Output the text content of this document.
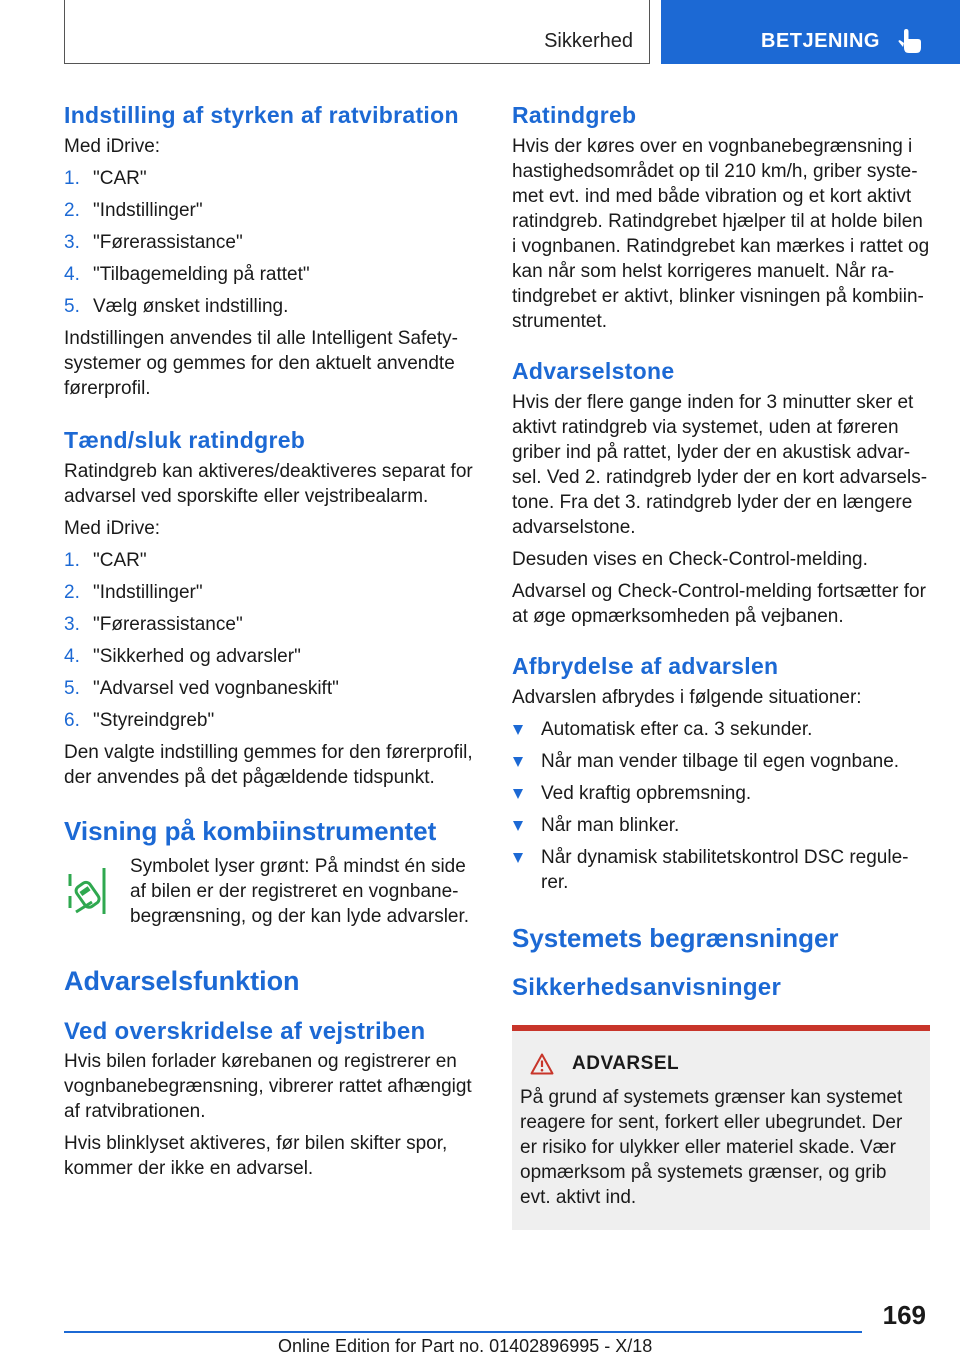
Sikkerhed	BETJENING
Indstilling af styrken af ratvibration

Med iDrive:

1. "CAR"
2. "Indstillinger"
3. "Førerassistance"
4. "Tilbagemelding på rattet"
5. Vælg ønsket indstilling.

Indstillingen anvendes til alle Intelligent Safety-systemer og gemmes for den aktuelt anvendte førerprofil.

Tænd/sluk ratindgreb

Ratindgreb kan aktiveres/deaktiveres separat for advarsel ved sporskifte eller vejstribealarm.

Med iDrive:

1. "CAR"
2. "Indstillinger"
3. "Førerassistance"
4. "Sikkerhed og advarsler"
5. "Advarsel ved vognbaneskift"
6. "Styreindgreb"

Den valgte indstilling gemmes for den førerprofil, der anvendes på det pågældende tidspunkt.

Visning på kombiinstrumentet

Symbolet lyser grønt: På mindst én side af bilen er der registreret en vognbane-begrænsning, og der kan lyde advarsler.

Advarselsfunktion
Ved overskridelse af vejstriben

Hvis bilen forlader kørebanen og registrerer en vognbanebegrænsning, vibrerer rattet afhængigt af ratvibrationen.

Hvis blinklyset aktiveres, før bilen skifter spor, kommer der ikke en advarsel.

Ratindgreb

Hvis der køres over en vognbanebegrænsning i hastighedsområdet op til 210 km/h, griber syste-met evt. ind med både vibration og et kort aktivt ratindgreb. Ratindgrebet hjælper til at holde bilen i vognbanen. Ratindgrebet kan mærkes i rattet og kan når som helst korrigeres manuelt. Når ra-tindgrebet er aktivt, blinker visningen på kombiin-strumentet.

Advarselstone

Hvis der flere gange inden for 3 minutter sker et aktivt ratindgreb via systemet, uden at føreren griber ind på rattet, lyder der en akustisk advar-sel. Ved 2. ratindgreb lyder der en kort advarsels-tone. Fra det 3. ratindgreb lyder der en længere advarselstone.

Desuden vises en Check-Control-melding.

Advarsel og Check-Control-melding fortsætter for at øge opmærksomheden på vejbanen.

Afbrydelse af advarslen

Advarslen afbrydes i følgende situationer:

Automatisk efter ca. 3 sekunder.
Når man vender tilbage til egen vognbane.
Ved kraftig opbremsning.
Når man blinker.
Når dynamisk stabilitetskontrol DSC regule-rer.
Systemets begrænsninger
Sikkerhedsanvisninger
ADVARSEL

På grund af systemets grænser kan systemet reagere for sent, forkert eller ubegrundet. Der er risiko for ulykker eller materiel skade. Vær opmærksom på systemets grænser, og grib evt. aktivt ind.

169
Online Edition for Part no. 01402896995 - X/18
